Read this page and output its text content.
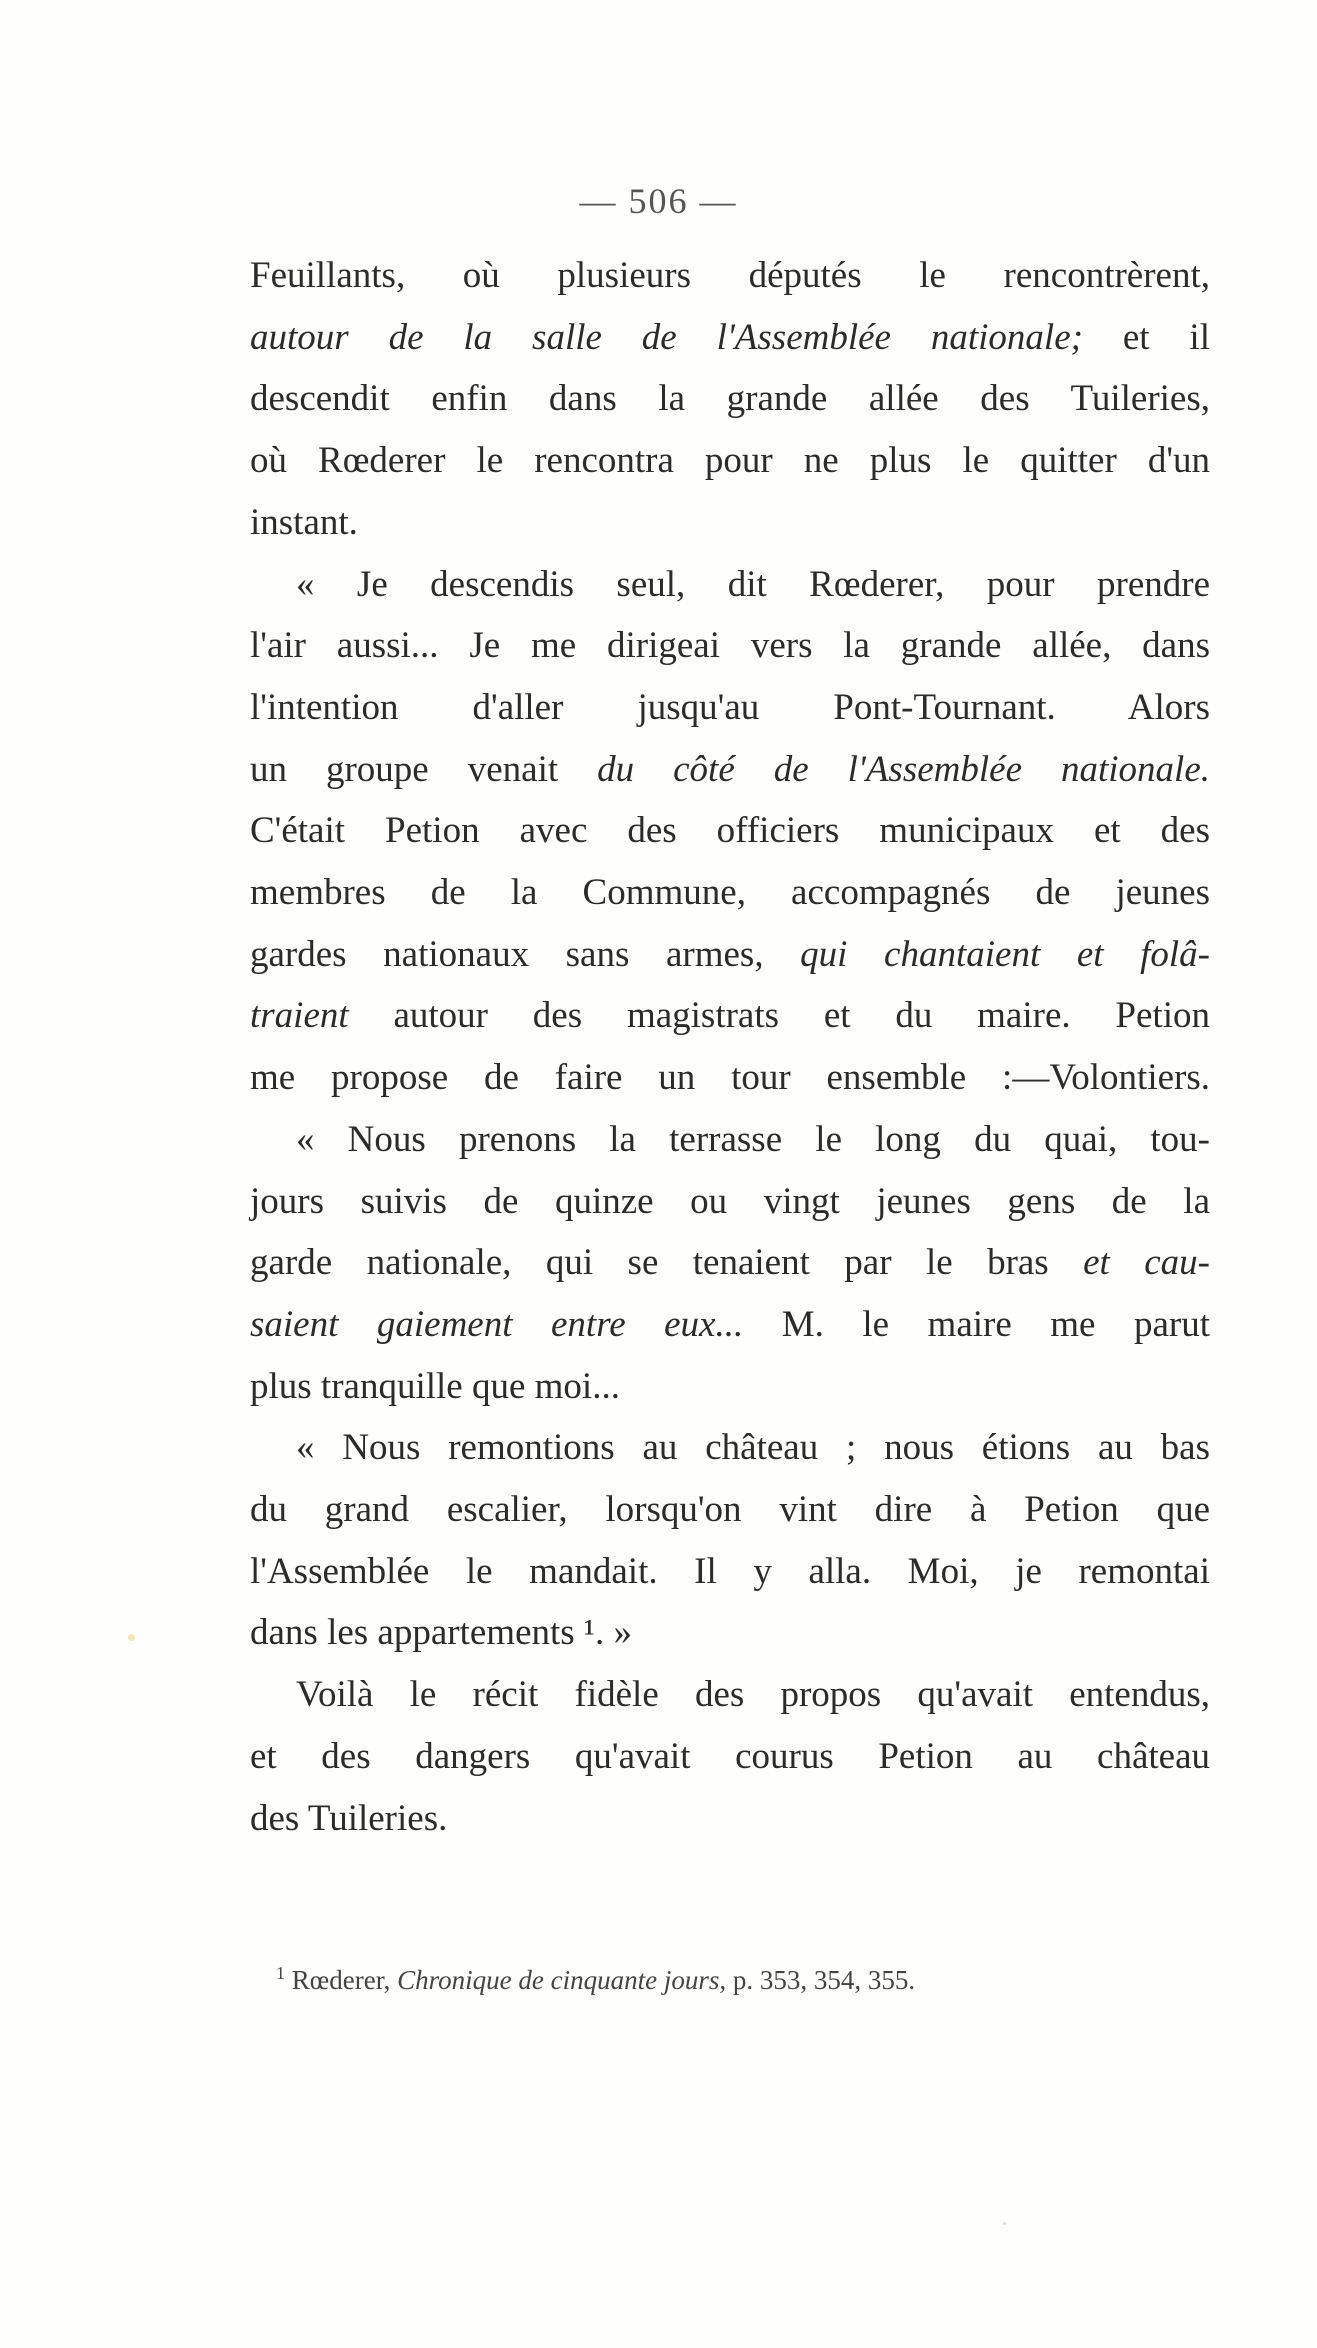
— 506 —
Feuillants, où plusieurs députés le rencontrèrent,
autour de la salle de l'Assemblée nationale; et il
descendit enfin dans la grande allée des Tuileries,
où Rœderer le rencontra pour ne plus le quitter d'un
instant.
« Je descendis seul, dit Rœderer, pour prendre
l'air aussi... Je me dirigeai vers la grande allée, dans
l'intention d'aller jusqu'au Pont-Tournant. Alors
un groupe venait du côté de l'Assemblée nationale.
C'était Petion avec des officiers municipaux et des
membres de la Commune, accompagnés de jeunes
gardes nationaux sans armes, qui chantaient et folâ-
traient autour des magistrats et du maire. Petion
me propose de faire un tour ensemble :—Volontiers.
« Nous prenons la terrasse le long du quai, tou-
jours suivis de quinze ou vingt jeunes gens de la
garde nationale, qui se tenaient par le bras et cau-
saient gaiement entre eux... M. le maire me parut
plus tranquille que moi...
« Nous remontions au château ; nous étions au bas
du grand escalier, lorsqu'on vint dire à Petion que
l'Assemblée le mandait. Il y alla. Moi, je remontai
dans les appartements ¹. »
Voilà le récit fidèle des propos qu'avait entendus,
et des dangers qu'avait courus Petion au château
des Tuileries.
$^1$ Rœderer, Chronique de cinquante jours, p. 353, 354, 355.
